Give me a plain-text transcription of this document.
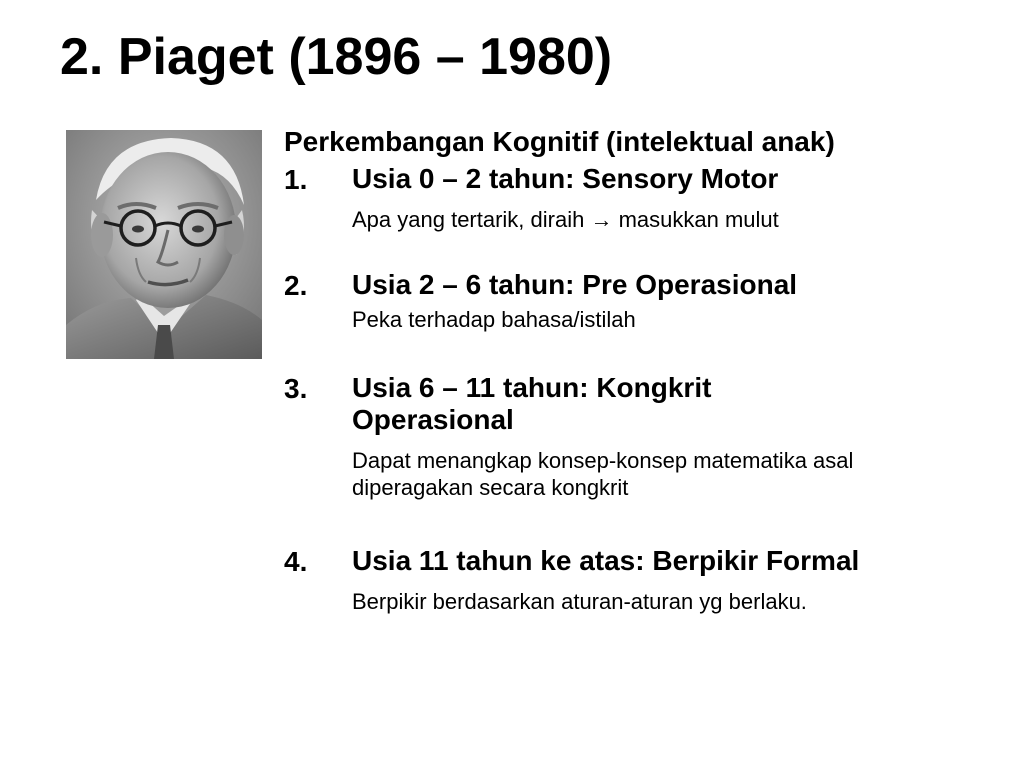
2. Piaget (1896 – 1980)

Perkembangan Kognitif (intelektual anak)

1. Usia 0 – 2 tahun: Sensory Motor

Apa yang tertarik, diraih → masukkan mulut

2. Usia 2 – 6 tahun: Pre Operasional

Peka terhadap bahasa/istilah

3. Usia 6 – 11 tahun: Kongkrit Operasional

Dapat menangkap konsep-konsep matematika asal diperagakan secara kongkrit

4. Usia 11 tahun ke atas: Berpikir Formal

Berpikir berdasarkan aturan-aturan yg berlaku.
